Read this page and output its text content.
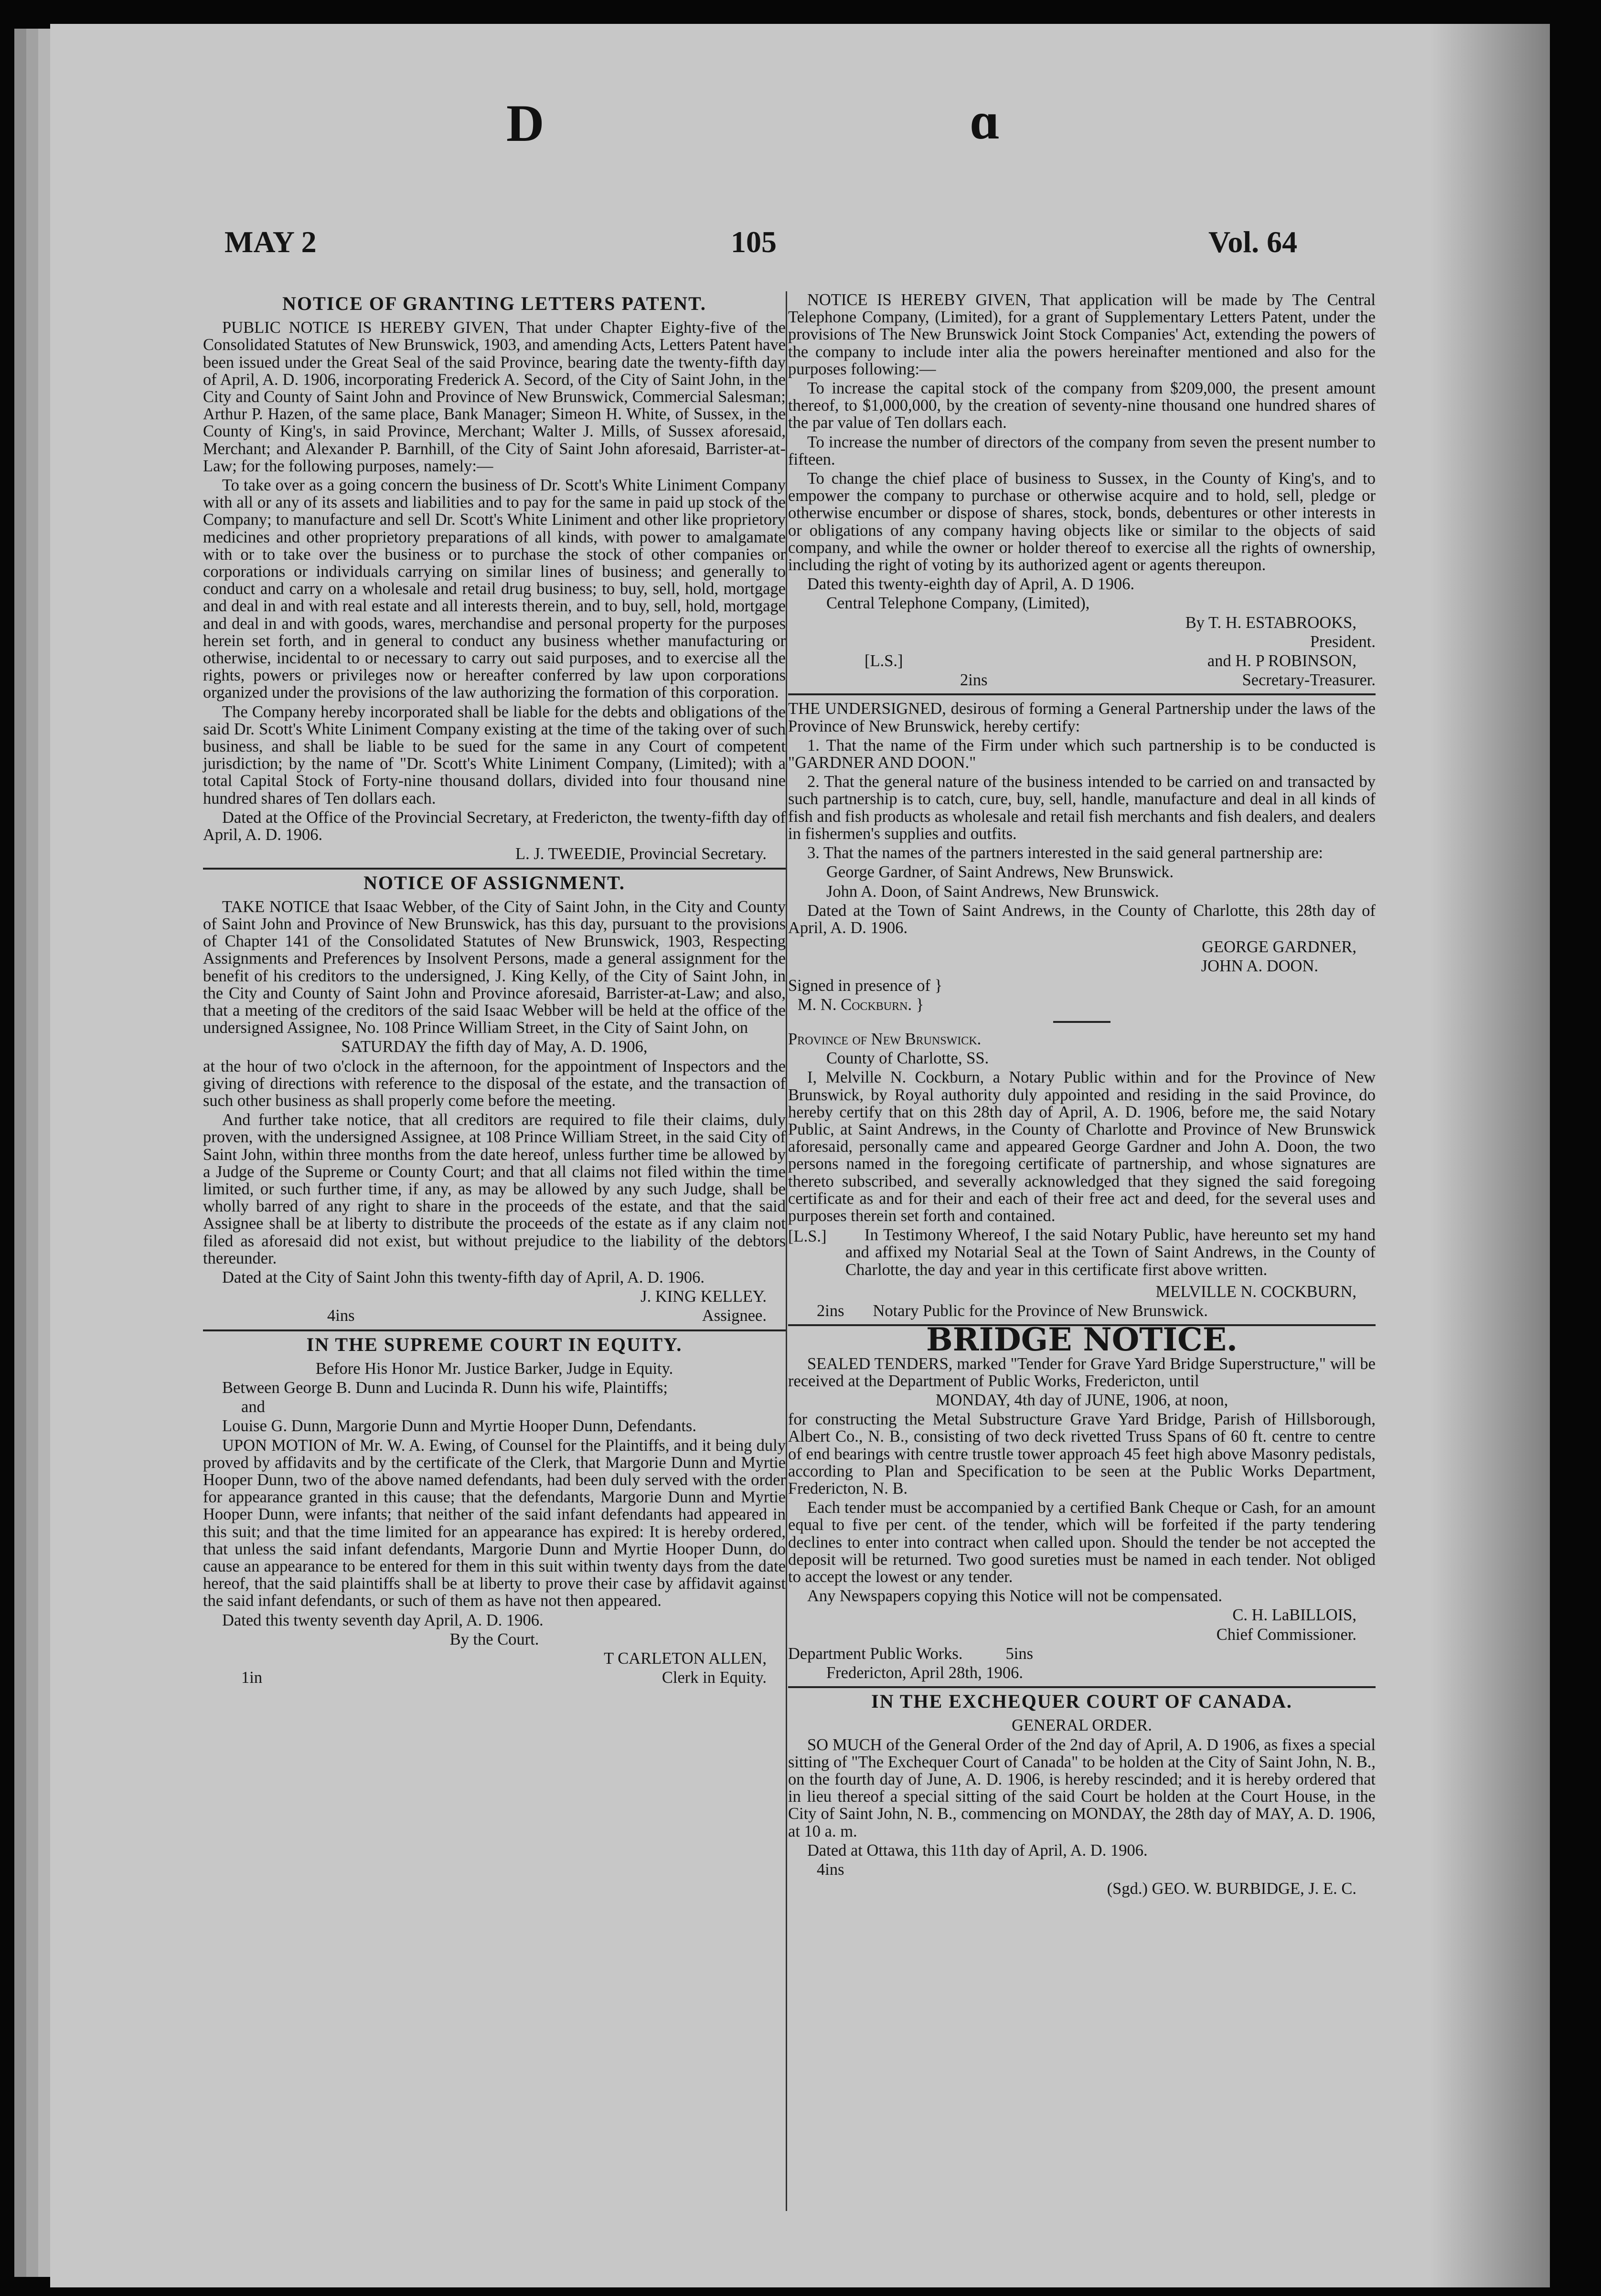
D	ɑ
MAY 2	105	Vol. 64
NOTICE OF GRANTING LETTERS PATENT.

PUBLIC NOTICE IS HEREBY GIVEN, That under Chapter Eighty-five of the Consolidated Statutes of New Brunswick, 1903, and amending Acts, Letters Patent have been issued under the Great Seal of the said Province, bearing date the twenty-fifth day of April, A. D. 1906, incorporating Frederick A. Secord, of the City of Saint John, in the City and County of Saint John and Province of New Brunswick, Commercial Salesman; Arthur P. Hazen, of the same place, Bank Manager; Simeon H. White, of Sussex, in the County of King's, in said Province, Merchant; Walter J. Mills, of Sussex aforesaid, Merchant; and Alexander P. Barnhill, of the City of Saint John aforesaid, Barrister-at-Law; for the following purposes, namely:—

To take over as a going concern the business of Dr. Scott's White Liniment Company with all or any of its assets and liabilities and to pay for the same in paid up stock of the Company; to manufacture and sell Dr. Scott's White Liniment and other like proprietory medicines and other proprietory preparations of all kinds, with power to amalgamate with or to take over the business or to purchase the stock of other companies or corporations or individuals carrying on similar lines of business; and generally to conduct and carry on a wholesale and retail drug business; to buy, sell, hold, mortgage and deal in and with real estate and all interests therein, and to buy, sell, hold, mortgage and deal in and with goods, wares, merchandise and personal property for the purposes herein set forth, and in general to conduct any business whether manufacturing or otherwise, incidental to or necessary to carry out said purposes, and to exercise all the rights, powers or privileges now or hereafter conferred by law upon corporations organized under the provisions of the law authorizing the formation of this corporation.

The Company hereby incorporated shall be liable for the debts and obligations of the said Dr. Scott's White Liniment Company existing at the time of the taking over of such business, and shall be liable to be sued for the same in any Court of competent jurisdiction; by the name of "Dr. Scott's White Liniment Company, (Limited); with a total Capital Stock of Forty-nine thousand dollars, divided into four thousand nine hundred shares of Ten dollars each.

Dated at the Office of the Provincial Secretary, at Fredericton, the twenty-fifth day of April, A. D. 1906.

L. J. TWEEDIE, Provincial Secretary.

NOTICE OF ASSIGNMENT.

TAKE NOTICE that Isaac Webber, of the City of Saint John, in the City and County of Saint John and Province of New Brunswick, has this day, pursuant to the provisions of Chapter 141 of the Consolidated Statutes of New Brunswick, 1903, Respecting Assignments and Preferences by Insolvent Persons, made a general assignment for the benefit of his creditors to the undersigned, J. King Kelly, of the City of Saint John, in the City and County of Saint John and Province aforesaid, Barrister-at-Law; and also, that a meeting of the creditors of the said Isaac Webber will be held at the office of the undersigned Assignee, No. 108 Prince William Street, in the City of Saint John, on

SATURDAY the fifth day of May, A. D. 1906,

at the hour of two o'clock in the afternoon, for the appointment of Inspectors and the giving of directions with reference to the disposal of the estate, and the transaction of such other business as shall properly come before the meeting.

And further take notice, that all creditors are required to file their claims, duly proven, with the undersigned Assignee, at 108 Prince William Street, in the said City of Saint John, within three months from the date hereof, unless further time be allowed by a Judge of the Supreme or County Court; and that all claims not filed within the time limited, or such further time, if any, as may be allowed by any such Judge, shall be wholly barred of any right to share in the proceeds of the estate, and that the said Assignee shall be at liberty to distribute the proceeds of the estate as if any claim not filed as aforesaid did not exist, but without prejudice to the liability of the debtors thereunder.

Dated at the City of Saint John this twenty-fifth day of April, A. D. 1906.

J. KING KELLEY.

4ins	Assignee.

IN THE SUPREME COURT IN EQUITY.

Before His Honor Mr. Justice Barker, Judge in Equity.

Between George B. Dunn and Lucinda R. Dunn his wife, Plaintiffs;

and

Louise G. Dunn, Margorie Dunn and Myrtie Hooper Dunn, Defendants.

UPON MOTION of Mr. W. A. Ewing, of Counsel for the Plaintiffs, and it being duly proved by affidavits and by the certificate of the Clerk, that Margorie Dunn and Myrtie Hooper Dunn, two of the above named defendants, had been duly served with the order for appearance granted in this cause; that the defendants, Margorie Dunn and Myrtie Hooper Dunn, were infants; that neither of the said infant defendants had appeared in this suit; and that the time limited for an appearance has expired: It is hereby ordered, that unless the said infant defendants, Margorie Dunn and Myrtie Hooper Dunn, do cause an appearance to be entered for them in this suit within twenty days from the date hereof, that the said plaintiffs shall be at liberty to prove their case by affidavit against the said infant defendants, or such of them as have not then appeared.

Dated this twenty seventh day April, A. D. 1906.

By the Court.

T CARLETON ALLEN,

1in	Clerk in Equity.

NOTICE IS HEREBY GIVEN, That application will be made by The Central Telephone Company, (Limited), for a grant of Supplementary Letters Patent, under the provisions of The New Brunswick Joint Stock Companies' Act, extending the powers of the company to include inter alia the powers hereinafter mentioned and also for the purposes following:—

To increase the capital stock of the company from $209,000, the present amount thereof, to $1,000,000, by the creation of seventy-nine thousand one hundred shares of the par value of Ten dollars each.

To increase the number of directors of the company from seven the present number to fifteen.

To change the chief place of business to Sussex, in the County of King's, and to empower the company to purchase or otherwise acquire and to hold, sell, pledge or otherwise encumber or dispose of shares, stock, bonds, debentures or other interests in or obligations of any company having objects like or similar to the objects of said company, and while the owner or holder thereof to exercise all the rights of ownership, including the right of voting by its authorized agent or agents thereupon.

Dated this twenty-eighth day of April, A. D 1906.

Central Telephone Company, (Limited),

By T. H. ESTABROOKS,

President.

[L.S.]	and H. P ROBINSON,

2ins	Secretary-Treasurer.

THE UNDERSIGNED, desirous of forming a General Partnership under the laws of the Province of New Brunswick, hereby certify:

1. That the name of the Firm under which such partnership is to be conducted is "GARDNER AND DOON."

2. That the general nature of the business intended to be carried on and transacted by such partnership is to catch, cure, buy, sell, handle, manufacture and deal in all kinds of fish and fish products as wholesale and retail fish merchants and fish dealers, and dealers in fishermen's supplies and outfits.

3. That the names of the partners interested in the said general partnership are:

George Gardner, of Saint Andrews, New Brunswick.

John A. Doon, of Saint Andrews, New Brunswick.

Dated at the Town of Saint Andrews, in the County of Charlotte, this 28th day of April, A. D. 1906.

GEORGE GARDNER,

JOHN A. DOON.

Signed in presence of }

M. N. Cockburn. }

Province of New Brunswick.

County of Charlotte, SS.

I, Melville N. Cockburn, a Notary Public within and for the Province of New Brunswick, by Royal authority duly appointed and residing in the said Province, do hereby certify that on this 28th day of April, A. D. 1906, before me, the said Notary Public, at Saint Andrews, in the County of Charlotte and Province of New Brunswick aforesaid, personally came and appeared George Gardner and John A. Doon, the two persons named in the foregoing certificate of partnership, and whose signatures are thereto subscribed, and severally acknowledged that they signed the said foregoing certificate as and for their and each of their free act and deed, for the several uses and purposes therein set forth and contained.

In Testimony Whereof, I the said Notary Public, have hereunto set my hand and affixed my Notarial Seal at the Town of Saint Andrews, in the County of Charlotte, the day and year in this certificate first above written.

[L.S.]

MELVILLE N. COCKBURN,

2ins Notary Public for the Province of New Brunswick.

BRIDGE NOTICE.

SEALED TENDERS, marked "Tender for Grave Yard Bridge Superstructure," will be received at the Department of Public Works, Fredericton, until

MONDAY, 4th day of JUNE, 1906, at noon,

for constructing the Metal Substructure Grave Yard Bridge, Parish of Hillsborough, Albert Co., N. B., consisting of two deck rivetted Truss Spans of 60 ft. centre to centre of end bearings with centre trustle tower approach 45 feet high above Masonry pedistals, according to Plan and Specification to be seen at the Public Works Department, Fredericton, N. B.

Each tender must be accompanied by a certified Bank Cheque or Cash, for an amount equal to five per cent. of the tender, which will be forfeited if the party tendering declines to enter into contract when called upon. Should the tender be not accepted the deposit will be returned. Two good sureties must be named in each tender. Not obliged to accept the lowest or any tender.

Any Newspapers copying this Notice will not be compensated.

C. H. LaBILLOIS,

Chief Commissioner.

Department Public Works.	5ins

Fredericton, April 28th, 1906.

IN THE EXCHEQUER COURT OF CANADA.

GENERAL ORDER.

SO MUCH of the General Order of the 2nd day of April, A. D 1906, as fixes a special sitting of "The Exchequer Court of Canada" to be holden at the City of Saint John, N. B., on the fourth day of June, A. D. 1906, is hereby rescinded; and it is hereby ordered that in lieu thereof a special sitting of the said Court be holden at the Court House, in the City of Saint John, N. B., commencing on MONDAY, the 28th day of MAY, A. D. 1906, at 10 a. m.

Dated at Ottawa, this 11th day of April, A. D. 1906.

4ins

(Sgd.) GEO. W. BURBIDGE, J. E. C.
